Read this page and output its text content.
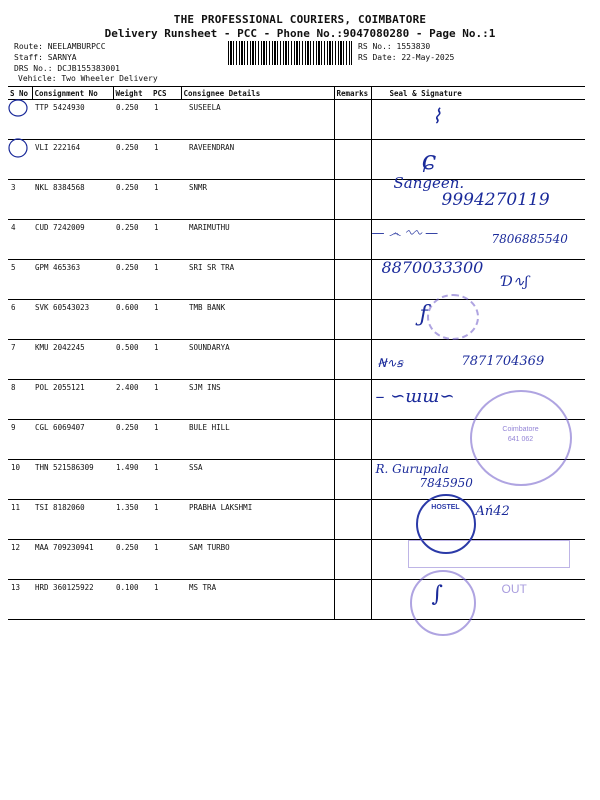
THE PROFESSIONAL COURIERS, COIMBATORE
Delivery Runsheet - PCC - Phone No.:9047080280 - Page No.:1
Route: NEELAMBURPCC
Staff: SARNYA
DRS No.: DCJB155383001
Vehicle: Two Wheeler Delivery
RS No.: 1553830
RS Date: 22-May-2025
S No	Consignment No	Weight	PCS	Consignee Details	Remarks	Seal & Signature
	TTP 5424930	0.250	1	SUSEELA		⌇

	VLI 222164	0.250	1	RAVEENDRAN		ɕ

3	NKL 8384568	0.250	1	SNMR		Sangeen.
9994270119

4	CUD 7242009	0.250	1	MARIMUTHU		— ෴ ∿∿ — 7806885540

5	GPM 465363	0.250	1	SRI SR TRA		8870033300
Ɗ∿ʃ

6	SVK 60543023	0.600	1	TMB BANK		ƒ

7	KMU 2042245	0.500	1	SOUNDARYA		Ꞥ∿ꞩ 7871704369

8	POL 2055121	2.400	1	SJM INS		– ∽ɯɯ∽

9	CGL 6069407	0.250	1	BULE HILL		Coimbatore
641 062

10	THN 521586309	1.490	1	SSA		R. Gurupala
7845950

11	TSI 8182060	1.350	1	PRABHA LAKSHMI		HOSTEL Ań42

12	MAA 709230941	0.250	1	SAM TURBO		

13	HRD 360125922	0.100	1	MS TRA		∫ OUT
